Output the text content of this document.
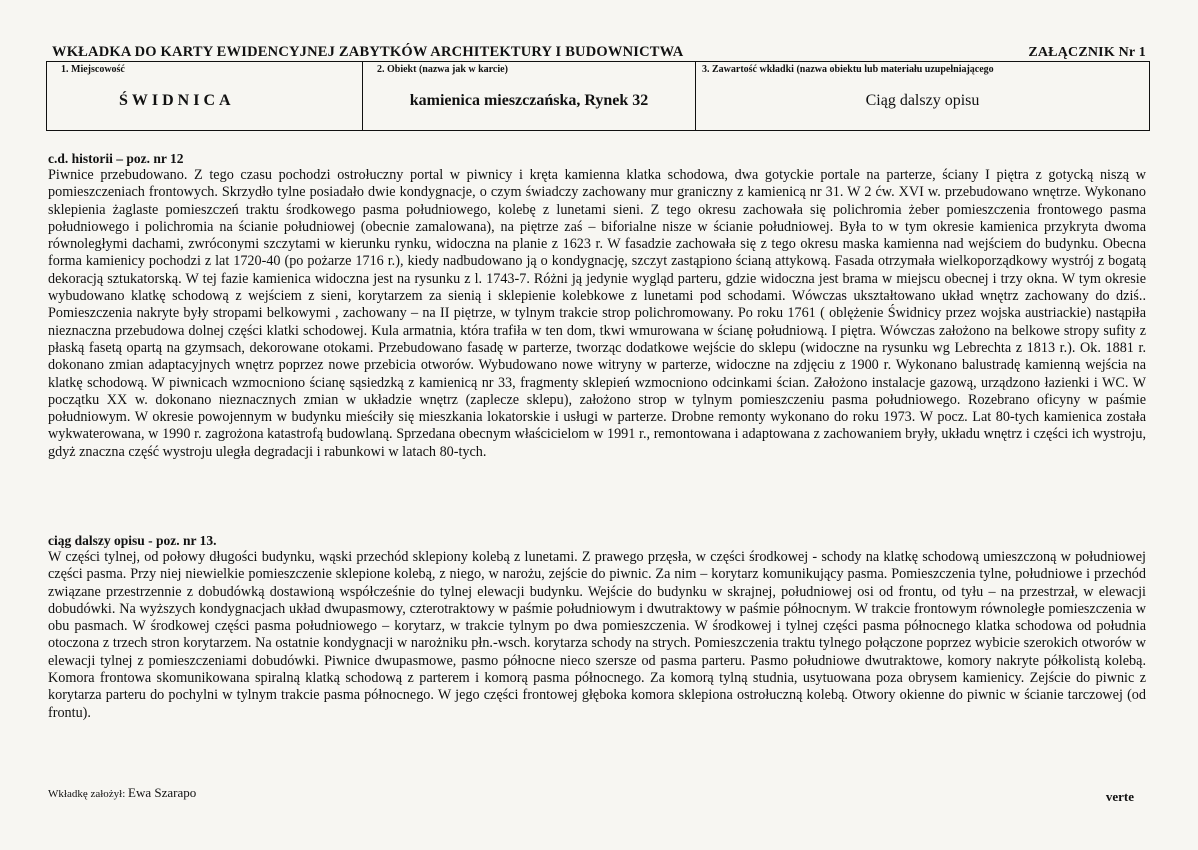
WKŁADKA DO KARTY EWIDENCYJNEJ ZABYTKÓW ARCHITEKTURY I BUDOWNICTWA	ZAŁĄCZNIK Nr 1
1. Miejscowość
ŚWIDNICA
2. Obiekt (nazwa jak w karcie)
kamienica mieszczańska, Rynek 32
3. Zawartość wkładki (nazwa obiektu lub materiału uzupełniającego
Ciąg dalszy opisu

c.d. historii – poz. nr 12

Piwnice przebudowano. Z tego czasu pochodzi ostrołuczny portal w piwnicy i kręta kamienna klatka schodowa, dwa gotyckie portale na parterze, ściany I piętra z gotycką niszą w pomieszczeniach frontowych. Skrzydło tylne posiadało dwie kondygnacje, o czym świadczy zachowany mur graniczny z kamienicą nr 31. W 2 ćw. XVI w. przebudowano wnętrze. Wykonano sklepienia żaglaste pomieszczeń traktu środkowego pasma południowego, kolebę z lunetami sieni. Z tego okresu zachowała się polichromia żeber pomieszczenia frontowego pasma południowego i polichromia na ścianie południowej (obecnie zamalowana), na piętrze zaś – biforialne nisze w ścianie południowej. Była to w tym okresie kamienica przykryta dwoma równoległymi dachami, zwróconymi szczytami w kierunku rynku, widoczna na planie z 1623 r. W fasadzie zachowała się z tego okresu maska kamienna nad wejściem do budynku. Obecna forma kamienicy pochodzi z lat 1720-40 (po pożarze 1716 r.), kiedy nadbudowano ją o kondygnację, szczyt zastąpiono ścianą attykową. Fasada otrzymała wielkoporządkowy wystrój z bogatą dekoracją sztukatorską. W tej fazie kamienica widoczna jest na rysunku z l. 1743-7. Różni ją jedynie wygląd parteru, gdzie widoczna jest brama w miejscu obecnej i trzy okna. W tym okresie wybudowano klatkę schodową z wejściem z sieni, korytarzem za sienią i sklepienie kolebkowe z lunetami pod schodami. Wówczas ukształtowano układ wnętrz zachowany do dziś.. Pomieszczenia nakryte były stropami belkowymi , zachowany – na II piętrze, w tylnym trakcie strop polichromowany. Po roku 1761 ( oblężenie Świdnicy przez wojska austriackie) nastąpiła nieznaczna przebudowa dolnej części klatki schodowej. Kula armatnia, która trafiła w ten dom, tkwi wmurowana w ścianę południową. I piętra. Wówczas założono na belkowe stropy sufity z płaską fasetą opartą na gzymsach, dekorowane otokami. Przebudowano fasadę w parterze, tworząc dodatkowe wejście do sklepu (widoczne na rysunku wg Lebrechta z 1813 r.). Ok. 1881 r. dokonano zmian adaptacyjnych wnętrz poprzez nowe przebicia otworów. Wybudowano nowe witryny w parterze, widoczne na zdjęciu z 1900 r. Wykonano balustradę kamienną wejścia na klatkę schodową. W piwnicach wzmocniono ścianę sąsiedzką z kamienicą nr 33, fragmenty sklepień wzmocniono odcinkami ścian. Założono instalacje gazową, urządzono łazienki i WC. W początku XX w. dokonano nieznacznych zmian w układzie wnętrz (zaplecze sklepu), założono strop w tylnym pomieszczeniu pasma południowego. Rozebrano oficyny w paśmie południowym. W okresie powojennym w budynku mieściły się mieszkania lokatorskie i usługi w parterze. Drobne remonty wykonano do roku 1973. W pocz. Lat 80-tych kamienica została wykwaterowana, w 1990 r. zagrożona katastrofą budowlaną. Sprzedana obecnym właścicielom w 1991 r., remontowana i adaptowana z zachowaniem bryły, układu wnętrz i części ich wystroju, gdyż znaczna część wystroju uległa degradacji i rabunkowi w latach 80-tych.

ciąg dalszy opisu - poz. nr 13.

W części tylnej, od połowy długości budynku, wąski przechód sklepiony kolebą z lunetami. Z prawego przęsła, w części środkowej - schody na klatkę schodową umieszczoną w południowej części pasma. Przy niej niewielkie pomieszczenie sklepione kolebą, z niego, w narożu, zejście do piwnic. Za nim – korytarz komunikujący pasma. Pomieszczenia tylne, południowe i przechód związane przestrzennie z dobudówką dostawioną współcześnie do tylnej elewacji budynku. Wejście do budynku w skrajnej, południowej osi od frontu, od tyłu – na przestrzał, w elewacji dobudówki. Na wyższych kondygnacjach układ dwupasmowy, czterotraktowy w paśmie południowym i dwutraktowy w paśmie północnym. W trakcie frontowym równoległe pomieszczenia w obu pasmach. W środkowej części pasma południowego – korytarz, w trakcie tylnym po dwa pomieszczenia. W środkowej i tylnej części pasma północnego klatka schodowa od południa otoczona z trzech stron korytarzem. Na ostatnie kondygnacji w narożniku płn.-wsch. korytarza schody na strych. Pomieszczenia traktu tylnego połączone poprzez wybicie szerokich otworów w elewacji tylnej z pomieszczeniami dobudówki. Piwnice dwupasmowe, pasmo północne nieco szersze od pasma parteru. Pasmo południowe dwutraktowe, komory nakryte półkolistą kolebą. Komora frontowa skomunikowana spiralną klatką schodową z parterem i komorą pasma północnego. Za komorą tylną studnia, usytuowana poza obrysem kamienicy. Zejście do piwnic z korytarza parteru do pochylni w tylnym trakcie pasma północnego. W jego części frontowej głęboka komora sklepiona ostrołuczną kolebą. Otwory okienne do piwnic w ścianie tarczowej (od frontu).

Wkładkę założył: Ewa Szarapo	verte
